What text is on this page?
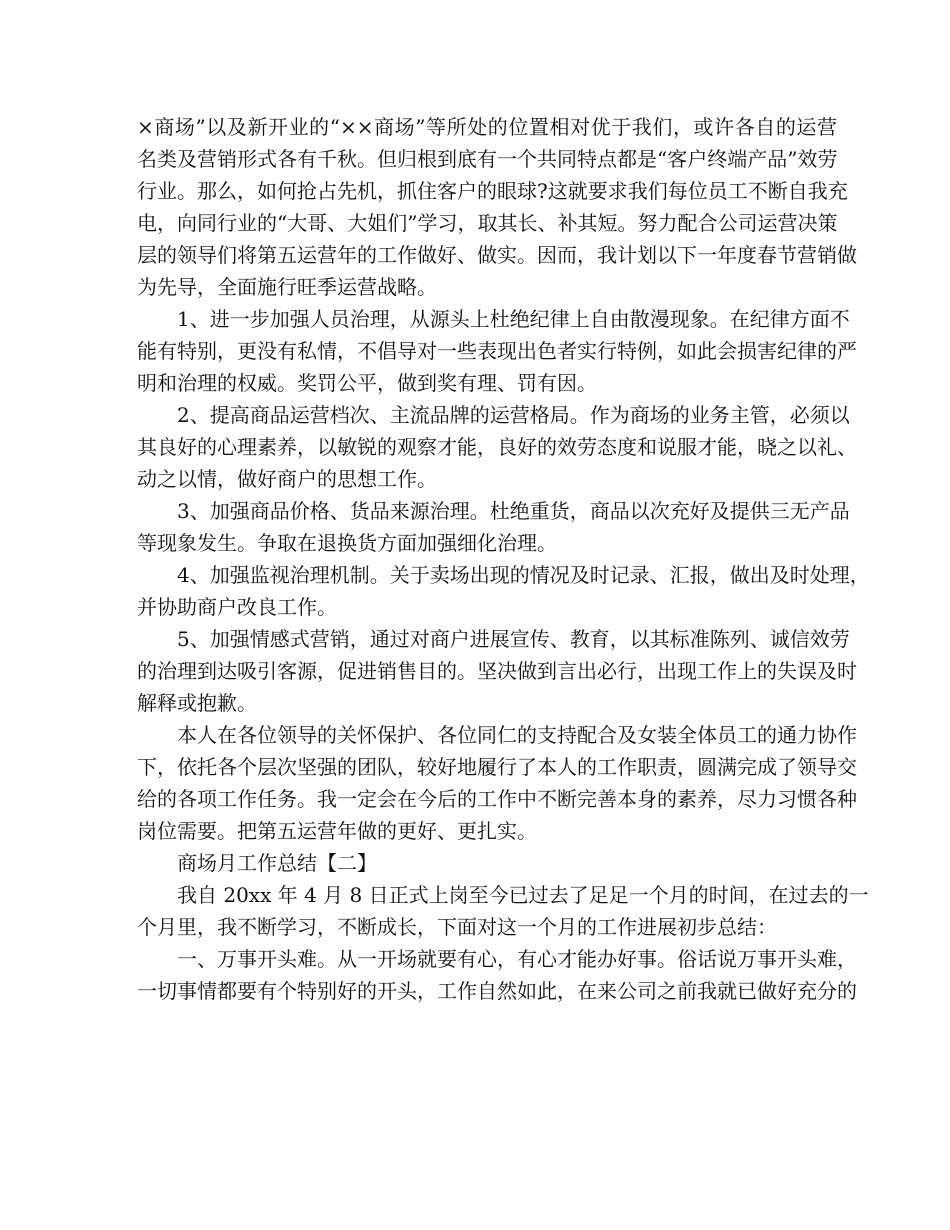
×商场”以及新开业的“××商场”等所处的位置相对优于我们，或许各自的运营

名类及营销形式各有千秋。但归根到底有一个共同特点都是“客户终端产品”效劳

行业。那么，如何抢占先机，抓住客户的眼球?这就要求我们每位员工不断自我充

电，向同行业的“大哥、大姐们”学习，取其长、补其短。努力配合公司运营决策

层的领导们将第五运营年的工作做好、做实。因而，我计划以下一年度春节营销做

为先导，全面施行旺季运营战略。

1、进一步加强人员治理，从源头上杜绝纪律上自由散漫现象。在纪律方面不

能有特别，更没有私情，不倡导对一些表现出色者实行特例，如此会损害纪律的严

明和治理的权威。奖罚公平，做到奖有理、罚有因。

2、提高商品运营档次、主流品牌的运营格局。作为商场的业务主管，必须以

其良好的心理素养，以敏锐的观察才能，良好的效劳态度和说服才能，晓之以礼、

动之以情，做好商户的思想工作。

3、加强商品价格、货品来源治理。杜绝重货，商品以次充好及提供三无产品

等现象发生。争取在退换货方面加强细化治理。

4、加强监视治理机制。关于卖场出现的情况及时记录、汇报，做出及时处理，

并协助商户改良工作。

5、加强情感式营销，通过对商户进展宣传、教育，以其标准陈列、诚信效劳

的治理到达吸引客源，促进销售目的。坚决做到言出必行，出现工作上的失误及时

解释或抱歉。

本人在各位领导的关怀保护、各位同仁的支持配合及女装全体员工的通力协作

下，依托各个层次坚强的团队，较好地履行了本人的工作职责，圆满完成了领导交

给的各项工作任务。我一定会在今后的工作中不断完善本身的素养，尽力习惯各种

岗位需要。把第五运营年做的更好、更扎实。

商场月工作总结【二】

我自 20xx 年 4 月 8 日正式上岗至今已过去了足足一个月的时间，在过去的一

个月里，我不断学习，不断成长，下面对这一个月的工作进展初步总结：

一、万事开头难。从一开场就要有心，有心才能办好事。俗话说万事开头难，

一切事情都要有个特别好的开头，工作自然如此，在来公司之前我就已做好充分的
